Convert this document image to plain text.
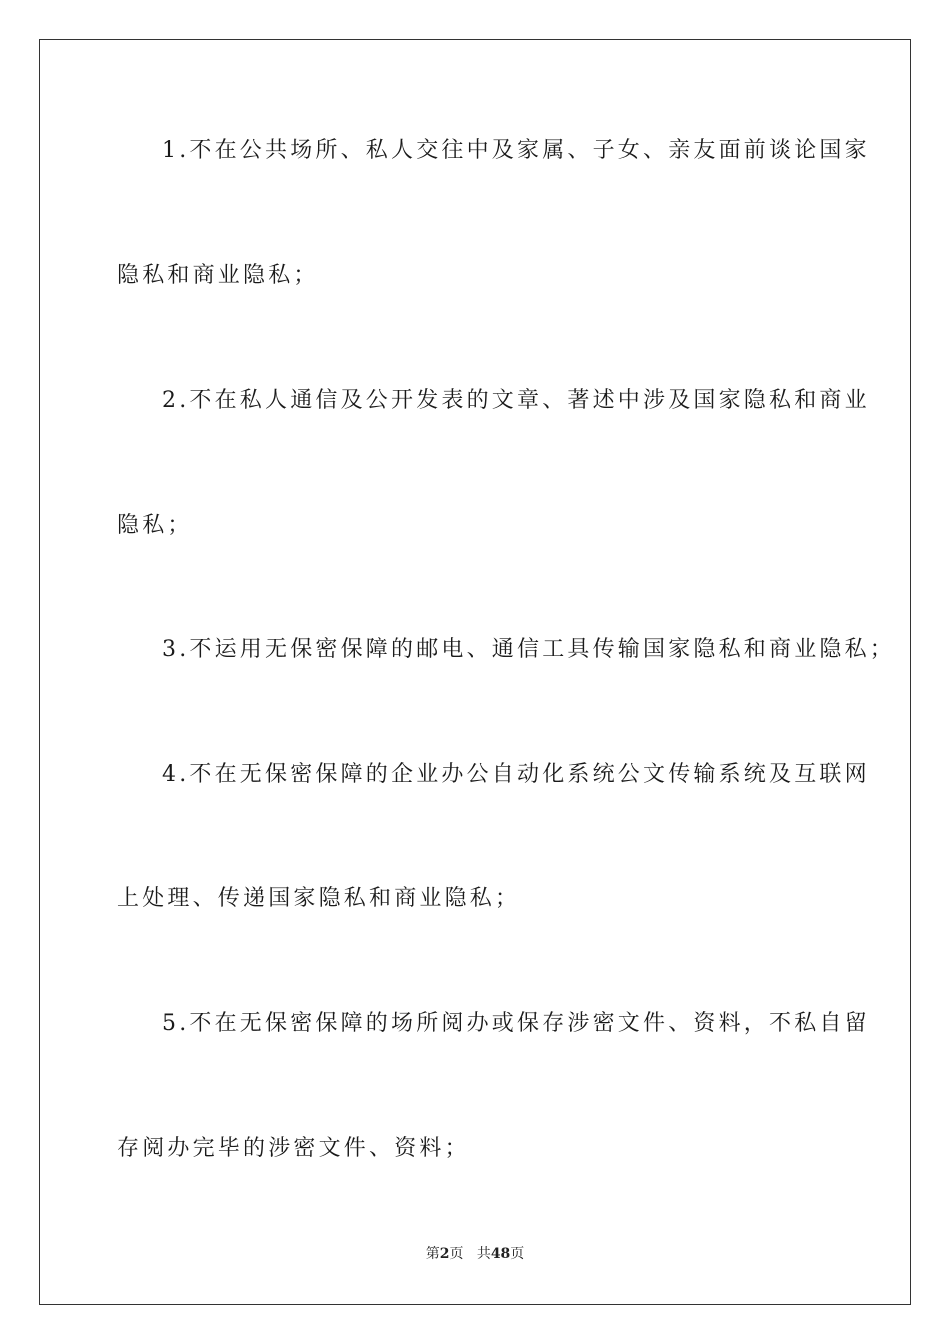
1.不在公共场所、私人交往中及家属、子女、亲友面前谈论国家
隐私和商业隐私；
2.不在私人通信及公开发表的文章、著述中涉及国家隐私和商业
隐私；
3.不运用无保密保障的邮电、通信工具传输国家隐私和商业隐私；
4.不在无保密保障的企业办公自动化系统公文传输系统及互联网
上处理、传递国家隐私和商业隐私；
5.不在无保密保障的场所阅办或保存涉密文件、资料，不私自留
存阅办完毕的涉密文件、资料；
第2页 共48页
